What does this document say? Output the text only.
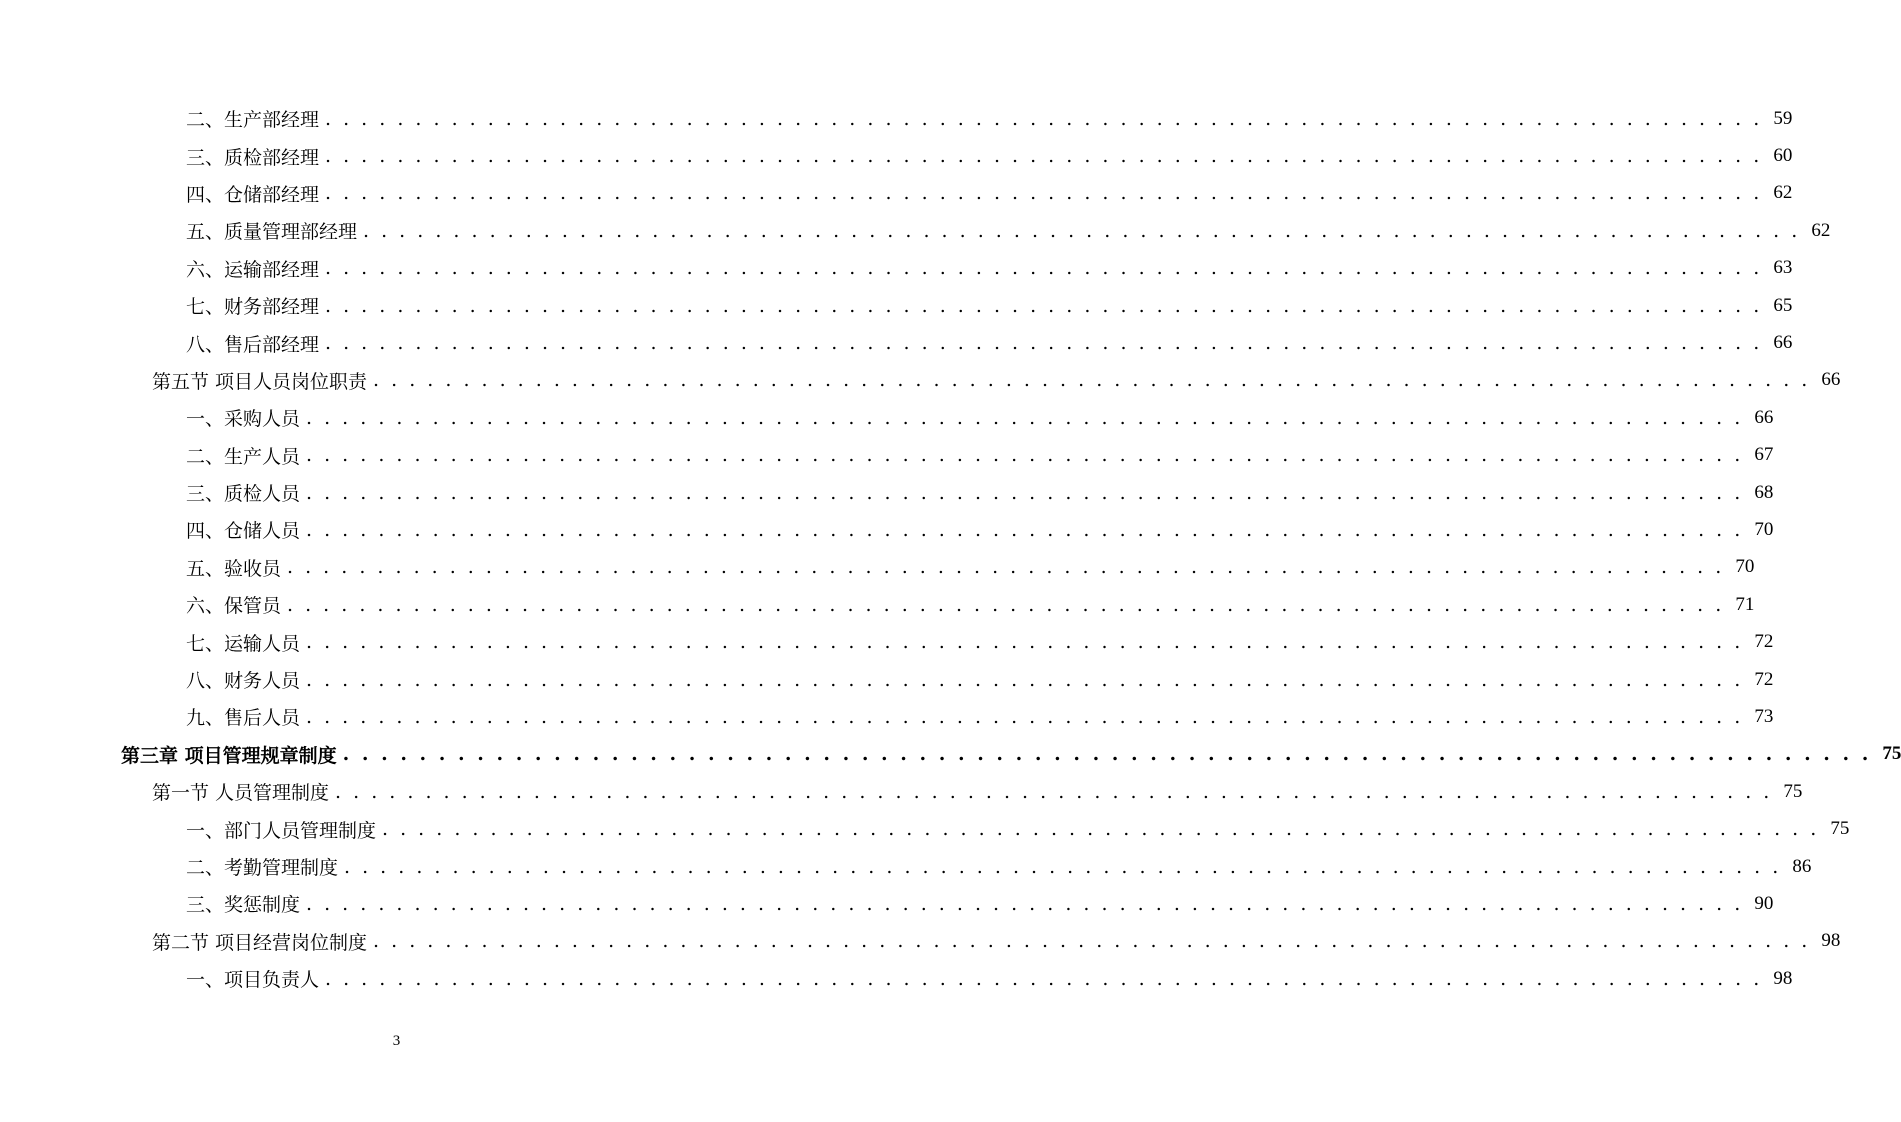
二、生产部经理 . . . . . . . . . . . . . . . . . . . . . . . . . . . . . . . . . . . . . . . . . . . . . . . . . . . . . . . . . . . . . . . . . . . . . . . . . . . . . . . . 59
三、质检部经理 . . . . . . . . . . . . . . . . . . . . . . . . . . . . . . . . . . . . . . . . . . . . . . . . . . . . . . . . . . . . . . . . . . . . . . . . . . . . . . . . 60
四、仓储部经理 . . . . . . . . . . . . . . . . . . . . . . . . . . . . . . . . . . . . . . . . . . . . . . . . . . . . . . . . . . . . . . . . . . . . . . . . . . . . . . . . 62
五、质量管理部经理 . . . . . . . . . . . . . . . . . . . . . . . . . . . . . . . . . . . . . . . . . . . . . . . . . . . . . . . . . . . . . . . . . . . . . . . . . . . . . . . . 62
六、运输部经理 . . . . . . . . . . . . . . . . . . . . . . . . . . . . . . . . . . . . . . . . . . . . . . . . . . . . . . . . . . . . . . . . . . . . . . . . . . . . . . . . 63
七、财务部经理 . . . . . . . . . . . . . . . . . . . . . . . . . . . . . . . . . . . . . . . . . . . . . . . . . . . . . . . . . . . . . . . . . . . . . . . . . . . . . . . . 65
八、售后部经理 . . . . . . . . . . . . . . . . . . . . . . . . . . . . . . . . . . . . . . . . . . . . . . . . . . . . . . . . . . . . . . . . . . . . . . . . . . . . . . . . 66
第五节 项目人员岗位职责 . . . . . . . . . . . . . . . . . . . . . . . . . . . . . . . . . . . . . . . . . . . . . . . . . . . . . . . . . . . . . . . . . . . . . . . . . . . . . . . . 66
一、采购人员 . . . . . . . . . . . . . . . . . . . . . . . . . . . . . . . . . . . . . . . . . . . . . . . . . . . . . . . . . . . . . . . . . . . . . . . . . . . . . . . . 66
二、生产人员 . . . . . . . . . . . . . . . . . . . . . . . . . . . . . . . . . . . . . . . . . . . . . . . . . . . . . . . . . . . . . . . . . . . . . . . . . . . . . . . . 67
三、质检人员 . . . . . . . . . . . . . . . . . . . . . . . . . . . . . . . . . . . . . . . . . . . . . . . . . . . . . . . . . . . . . . . . . . . . . . . . . . . . . . . . 68
四、仓储人员 . . . . . . . . . . . . . . . . . . . . . . . . . . . . . . . . . . . . . . . . . . . . . . . . . . . . . . . . . . . . . . . . . . . . . . . . . . . . . . . . 70
五、验收员 . . . . . . . . . . . . . . . . . . . . . . . . . . . . . . . . . . . . . . . . . . . . . . . . . . . . . . . . . . . . . . . . . . . . . . . . . . . . . . . . 70
六、保管员 . . . . . . . . . . . . . . . . . . . . . . . . . . . . . . . . . . . . . . . . . . . . . . . . . . . . . . . . . . . . . . . . . . . . . . . . . . . . . . . . 71
七、运输人员 . . . . . . . . . . . . . . . . . . . . . . . . . . . . . . . . . . . . . . . . . . . . . . . . . . . . . . . . . . . . . . . . . . . . . . . . . . . . . . . . 72
八、财务人员 . . . . . . . . . . . . . . . . . . . . . . . . . . . . . . . . . . . . . . . . . . . . . . . . . . . . . . . . . . . . . . . . . . . . . . . . . . . . . . . . 72
九、售后人员 . . . . . . . . . . . . . . . . . . . . . . . . . . . . . . . . . . . . . . . . . . . . . . . . . . . . . . . . . . . . . . . . . . . . . . . . . . . . . . . . 73
第三章 项目管理规章制度 . . . . . . . . . . . . . . . . . . . . . . . . . . . . . . . . . . . . . . . . . . . . . . . . . . . . . . . . . . . . . . . . . . . . . . . . . . . . . . . . 75
第一节 人员管理制度 . . . . . . . . . . . . . . . . . . . . . . . . . . . . . . . . . . . . . . . . . . . . . . . . . . . . . . . . . . . . . . . . . . . . . . . . . . . . . . . . 75
一、部门人员管理制度 . . . . . . . . . . . . . . . . . . . . . . . . . . . . . . . . . . . . . . . . . . . . . . . . . . . . . . . . . . . . . . . . . . . . . . . . . . . . . . . . 75
二、考勤管理制度 . . . . . . . . . . . . . . . . . . . . . . . . . . . . . . . . . . . . . . . . . . . . . . . . . . . . . . . . . . . . . . . . . . . . . . . . . . . . . . . . 86
三、奖惩制度 . . . . . . . . . . . . . . . . . . . . . . . . . . . . . . . . . . . . . . . . . . . . . . . . . . . . . . . . . . . . . . . . . . . . . . . . . . . . . . . . 90
第二节 项目经营岗位制度 . . . . . . . . . . . . . . . . . . . . . . . . . . . . . . . . . . . . . . . . . . . . . . . . . . . . . . . . . . . . . . . . . . . . . . . . . . . . . . . . 98
一、项目负责人 . . . . . . . . . . . . . . . . . . . . . . . . . . . . . . . . . . . . . . . . . . . . . . . . . . . . . . . . . . . . . . . . . . . . . . . . . . . . . . . . 98
3
